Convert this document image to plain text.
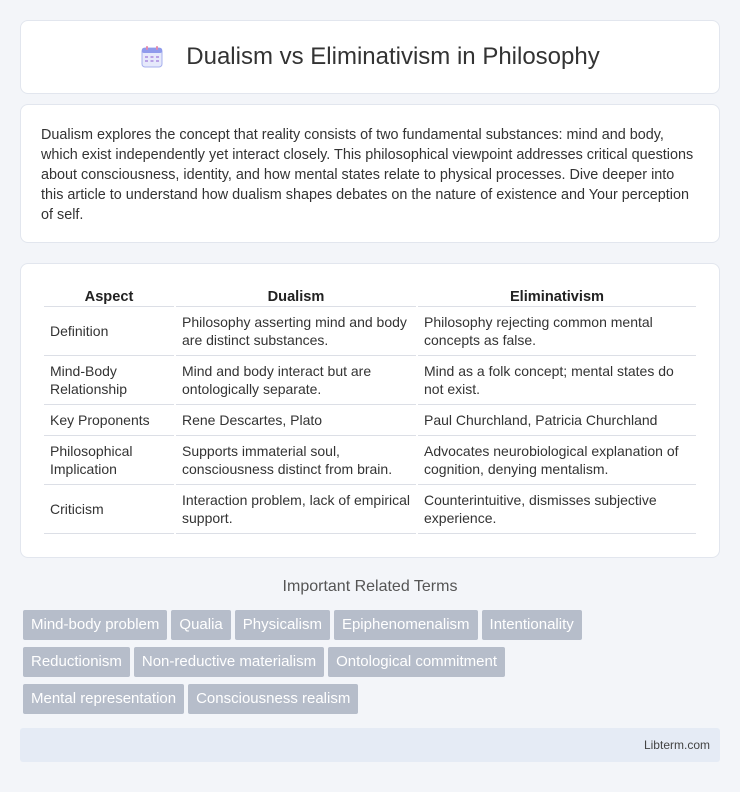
Dualism vs Eliminativism in Philosophy

Dualism explores the concept that reality consists of two fundamental substances: mind and body, which exist independently yet interact closely. This philosophical viewpoint addresses critical questions about consciousness, identity, and how mental states relate to physical processes. Dive deeper into this article to understand how dualism shapes debates on the nature of existence and Your perception of self.

Aspect	Dualism	Eliminativism
Definition	Philosophy asserting mind and body are distinct substances.	Philosophy rejecting common mental concepts as false.
Mind-Body Relationship	Mind and body interact but are ontologically separate.	Mind as a folk concept; mental states do not exist.
Key Proponents	Rene Descartes, Plato	Paul Churchland, Patricia Churchland
Philosophical Implication	Supports immaterial soul, consciousness distinct from brain.	Advocates neurobiological explanation of cognition, denying mentalism.
Criticism	Interaction problem, lack of empirical support.	Counterintuitive, dismisses subjective experience.
Important Related Terms
Mind-body problem Qualia Physicalism Epiphenomenalism Intentionality
Reductionism Non-reductive materialism Ontological commitment
Mental representation Consciousness realism
Libterm.com
